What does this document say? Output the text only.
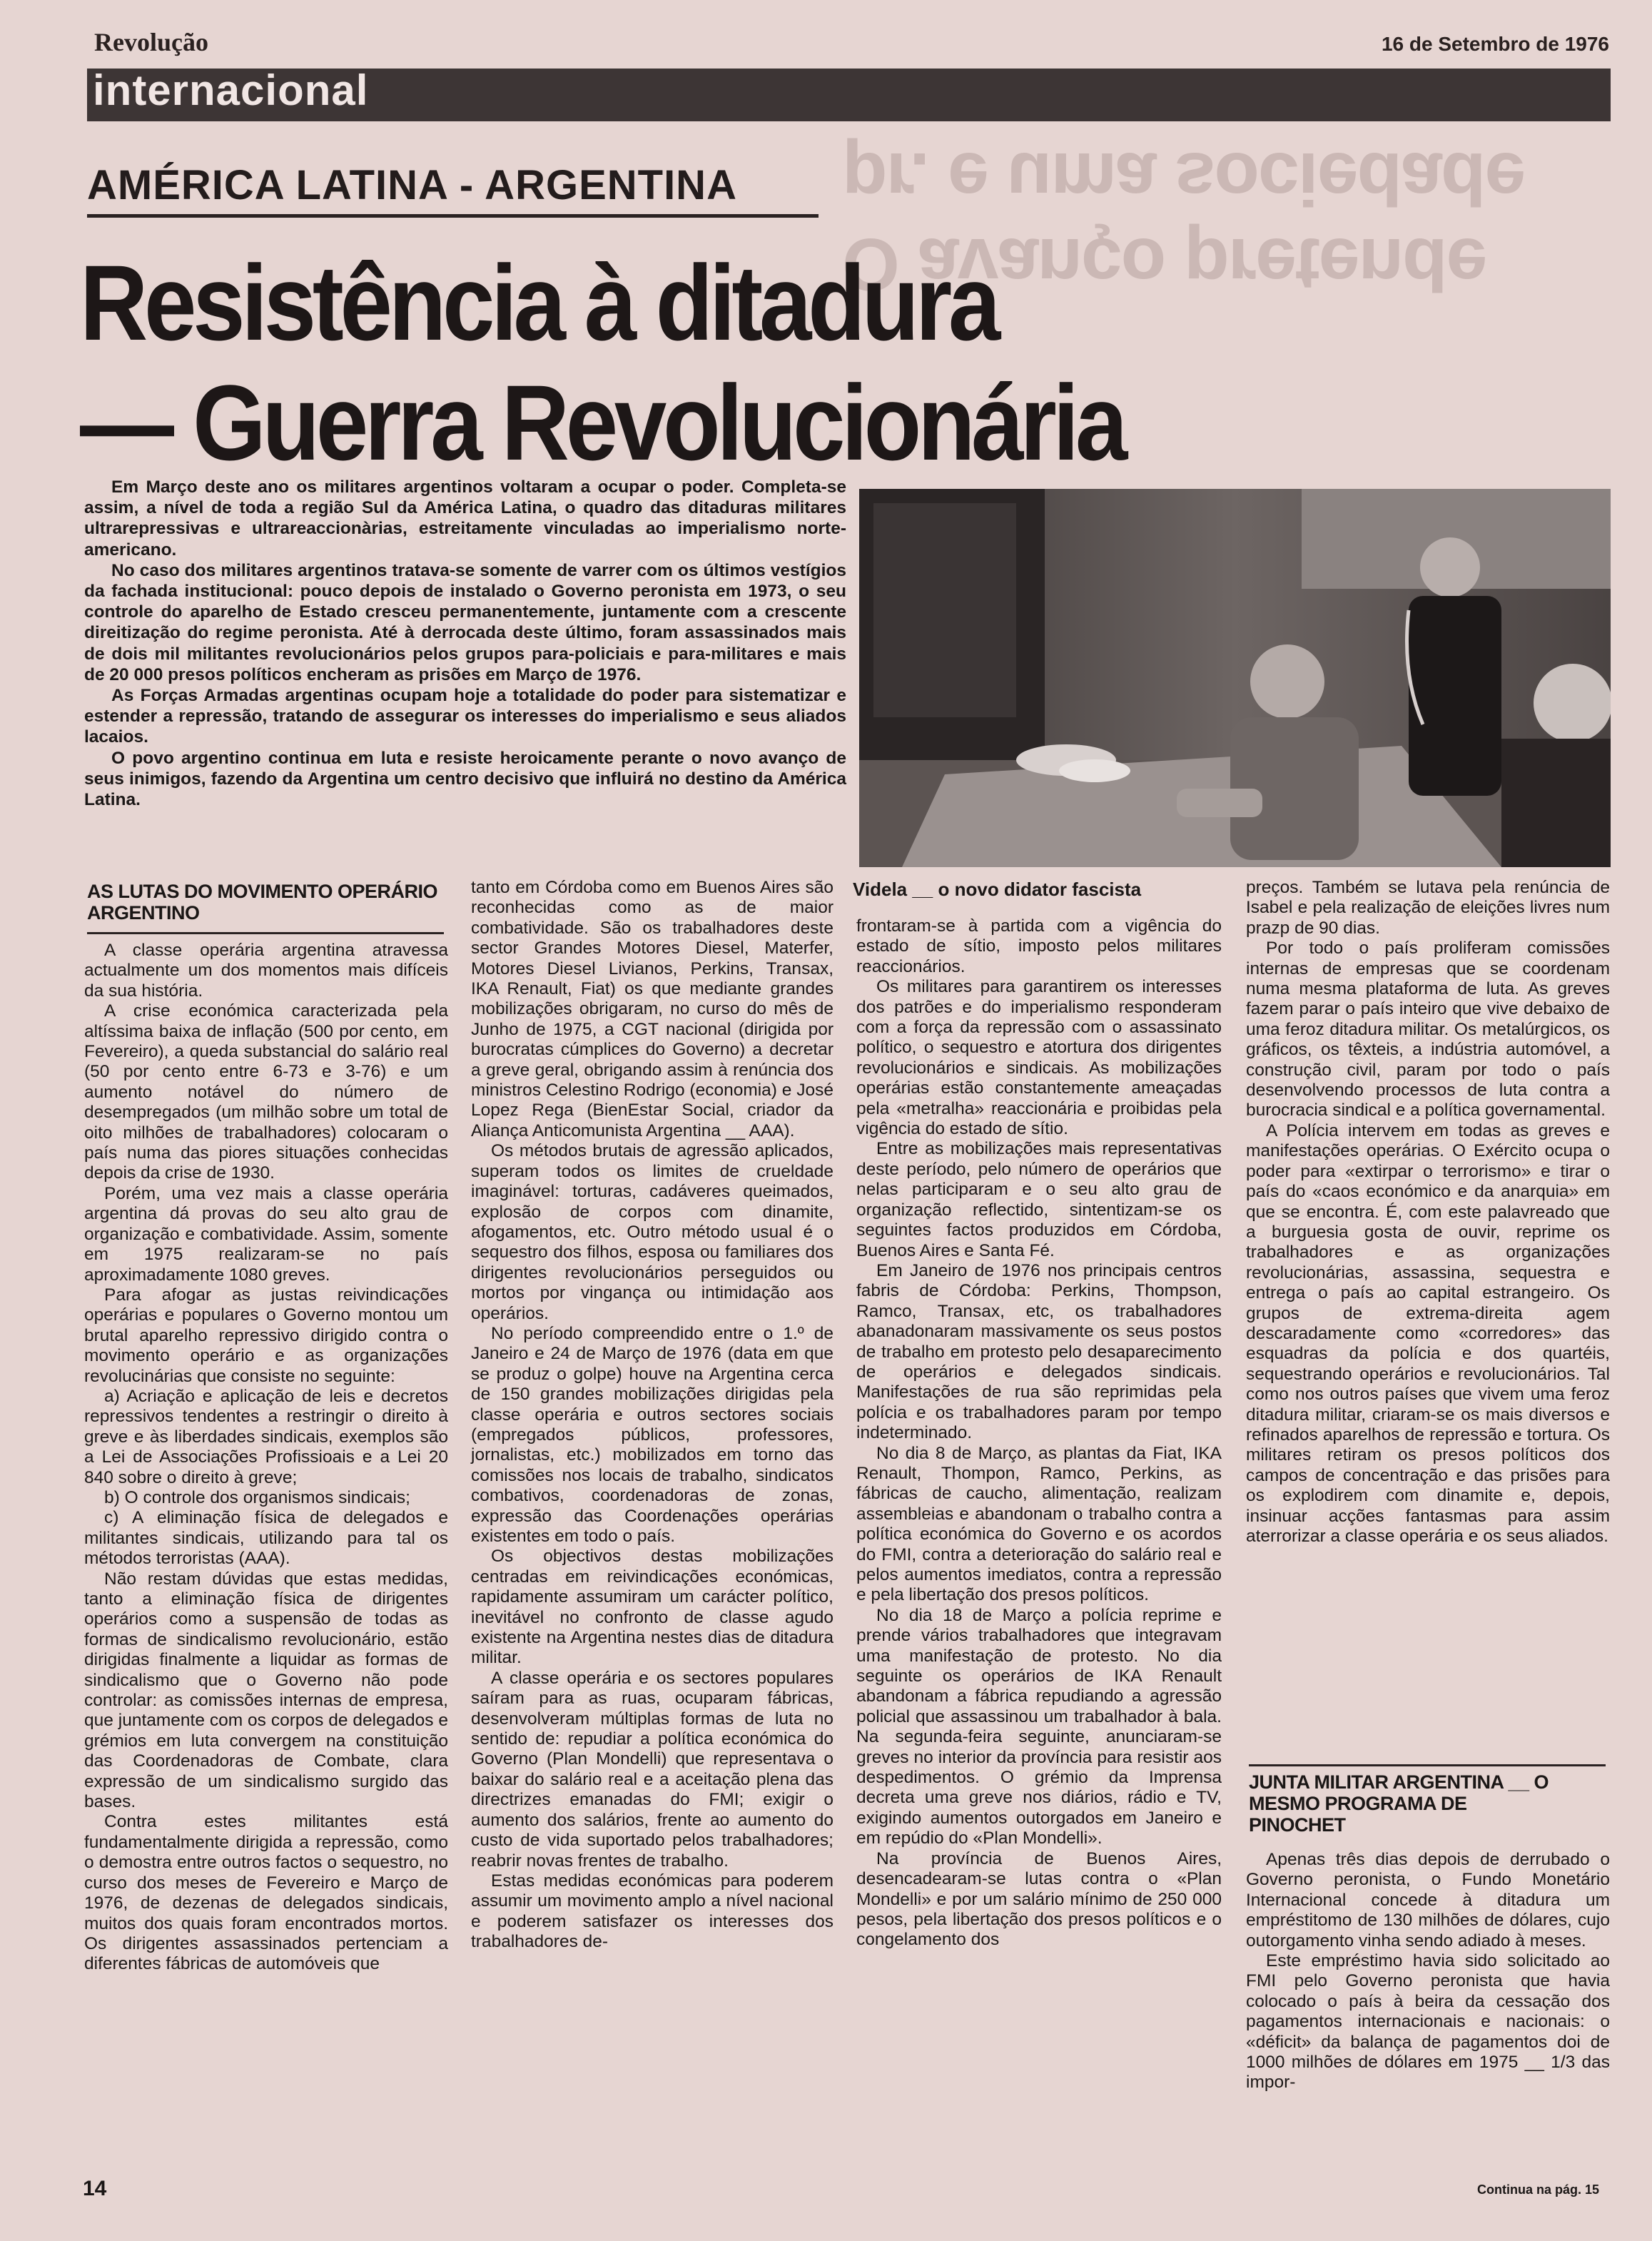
Revolução	16 de Setembro de 1976
internacional
O avanço pretende
pr. e uma sociedade
AMÉRICA LATINA - ARGENTINA
Resistência à ditadura
— Guerra Revolucionária

Em Março deste ano os militares argentinos voltaram a ocupar o poder. Completa-se assim, a nível de toda a região Sul da América Latina, o quadro das ditaduras militares ultrarepressivas e ultrareaccionàrias, estreitamente vinculadas ao imperialismo norte-americano.

No caso dos militares argentinos tratava-se somente de varrer com os últimos vestígios da fachada institucional: pouco depois de instalado o Governo peronista em 1973, o seu controle do aparelho de Estado cresceu permanentemente, juntamente com a crescente direitização do regime peronista. Até à derrocada deste último, foram assassinados mais de dois mil militantes revolucionários pelos grupos para-policiais e para-militares e mais de 20 000 presos políticos encheram as prisões em Março de 1976.

As Forças Armadas argentinas ocupam hoje a totalidade do poder para sistematizar e estender a repressão, tratando de assegurar os interesses do imperialismo e seus aliados lacaios.

O povo argentino continua em luta e resiste heroicamente perante o novo avanço de seus inimigos, fazendo da Argentina um centro decisivo que influirá no destino da América Latina.

Videla __ o novo didator fascista
AS LUTAS DO MOVIMENTO OPERÁRIO ARGENTINO

A classe operária argentina atravessa actualmente um dos momentos mais difíceis da sua história.

A crise económica caracterizada pela altíssima baixa de inflação (500 por cento, em Fevereiro), a queda substancial do salário real (50 por cento entre 6-73 e 3-76) e um aumento notável do número de desempregados (um milhão sobre um total de oito milhões de trabalhadores) colocaram o país numa das piores situações conhecidas depois da crise de 1930.

Porém, uma vez mais a classe operária argentina dá provas do seu alto grau de organização e combatividade. Assim, somente em 1975 realizaram-se no país aproximadamente 1080 greves.

Para afogar as justas reivindicações operárias e populares o Governo montou um brutal aparelho repressivo dirigido contra o movimento operário e as organizações revolucinárias que consiste no seguinte:

a) Acriação e aplicação de leis e decretos repressivos tendentes a restringir o direito à greve e às liberdades sindicais, exemplos são a Lei de Associações Profissioais e a Lei 20 840 sobre o direito à greve;

b) O controle dos organismos sindicais;

c) A eliminação física de delegados e militantes sindicais, utilizando para tal os métodos terroristas (AAA).

Não restam dúvidas que estas medidas, tanto a eliminação física de dirigentes operários como a suspensão de todas as formas de sindicalismo revolucionário, estão dirigidas finalmente a liquidar as formas de sindicalismo que o Governo não pode controlar: as comissões internas de empresa, que juntamente com os corpos de delegados e grémios em luta convergem na constituição das Coordenadoras de Combate, clara expressão de um sindicalismo surgido das bases.

Contra estes militantes está fundamentalmente dirigida a repressão, como o demostra entre outros factos o sequestro, no curso dos meses de Fevereiro e Março de 1976, de dezenas de delegados sindicais, muitos dos quais foram encontrados mortos. Os dirigentes assassinados pertenciam a diferentes fábricas de automóveis que

tanto em Córdoba como em Buenos Aires são reconhecidas como as de maior combatividade. São os trabalhadores deste sector Grandes Motores Diesel, Materfer, Motores Diesel Livianos, Perkins, Transax, IKA Renault, Fiat) os que mediante grandes mobilizações obrigaram, no curso do mês de Junho de 1975, a CGT nacional (dirigida por burocratas cúmplices do Governo) a decretar a greve geral, obrigando assim à renúncia dos ministros Celestino Rodrigo (economia) e José Lopez Rega (BienEstar Social, criador da Aliança Anticomunista Argentina __ AAA).

Os métodos brutais de agressão aplicados, superam todos os limites de crueldade imaginável: torturas, cadáveres queimados, explosão de corpos com dinamite, afogamentos, etc. Outro método usual é o sequestro dos filhos, esposa ou familiares dos dirigentes revolucionários perseguidos ou mortos por vingança ou intimidação aos operários.

No período compreendido entre o 1.º de Janeiro e 24 de Março de 1976 (data em que se produz o golpe) houve na Argentina cerca de 150 grandes mobilizações dirigidas pela classe operária e outros sectores sociais (empregados públicos, professores, jornalistas, etc.) mobilizados em torno das comissões nos locais de trabalho, sindicatos combativos, coordenadoras de zonas, expressão das Coordenações operárias existentes em todo o país.

Os objectivos destas mobilizações centradas em reivindicações económicas, rapidamente assumiram um carácter político, inevitável no confronto de classe agudo existente na Argentina nestes dias de ditadura militar.

A classe operária e os sectores populares saíram para as ruas, ocuparam fábricas, desenvolveram múltiplas formas de luta no sentido de: repudiar a política económica do Governo (Plan Mondelli) que representava o baixar do salário real e a aceitação plena das directrizes emanadas do FMI; exigir o aumento dos salários, frente ao aumento do custo de vida suportado pelos trabalhadores; reabrir novas frentes de trabalho.

Estas medidas económicas para poderem assumir um movimento amplo a nível nacional e poderem satisfazer os interesses dos trabalhadores de-

frontaram-se à partida com a vigência do estado de sítio, imposto pelos militares reaccionários.

Os militares para garantirem os interesses dos patrões e do imperialismo responderam com a força da repressão com o assassinato político, o sequestro e atortura dos dirigentes revolucionários e sindicais. As mobilizações operárias estão constantemente ameaçadas pela «metralha» reaccionária e proibidas pela vigência do estado de sítio.

Entre as mobilizações mais representativas deste período, pelo número de operários que nelas participaram e o seu alto grau de organização reflectido, sintentizam-se os seguintes factos produzidos em Córdoba, Buenos Aires e Santa Fé.

Em Janeiro de 1976 nos principais centros fabris de Córdoba: Perkins, Thompson, Ramco, Transax, etc, os trabalhadores abanadonaram massivamente os seus postos de trabalho em protesto pelo desaparecimento de operários e delegados sindicais. Manifestações de rua são reprimidas pela polícia e os trabalhadores param por tempo indeterminado.

No dia 8 de Março, as plantas da Fiat, IKA Renault, Thompon, Ramco, Perkins, as fábricas de caucho, alimentação, realizam assembleias e abandonam o trabalho contra a política económica do Governo e os acordos do FMI, contra a deterioração do salário real e pelos aumentos imediatos, contra a repressão e pela libertação dos presos políticos.

No dia 18 de Março a polícia reprime e prende vários trabalhadores que integravam uma manifestação de protesto. No dia seguinte os operários de IKA Renault abandonam a fábrica repudiando a agressão policial que assassinou um trabalhador à bala. Na segunda-feira seguinte, anunciaram-se greves no interior da província para resistir aos despedimentos. O grémio da Imprensa decreta uma greve nos diários, rádio e TV, exigindo aumentos outorgados em Janeiro e em repúdio do «Plan Mondelli».

Na província de Buenos Aires, desencadearam-se lutas contra o «Plan Mondelli» e por um salário mínimo de 250 000 pesos, pela libertação dos presos políticos e o congelamento dos

preços. Também se lutava pela renúncia de Isabel e pela realização de eleições livres num prazp de 90 dias.

Por todo o país proliferam comissões internas de empresas que se coordenam numa mesma plataforma de luta. As greves fazem parar o país inteiro que vive debaixo de uma feroz ditadura militar. Os metalúrgicos, os gráficos, os têxteis, a indústria automóvel, a construção civil, param por todo o país desenvolvendo processos de luta contra a burocracia sindical e a política governamental.

A Polícia intervem em todas as greves e manifestações operárias. O Exército ocupa o poder para «extirpar o terrorismo» e tirar o país do «caos económico e da anarquia» em que se encontra. É, com este palavreado que a burguesia gosta de ouvir, reprime os trabalhadores e as organizações revolucionárias, assassina, sequestra e entrega o país ao capital estrangeiro. Os grupos de extrema-direita agem descaradamente como «corredores» das esquadras da polícia e dos quartéis, sequestrando operários e revolucionários. Tal como nos outros países que vivem uma feroz ditadura militar, criaram-se os mais diversos e refinados aparelhos de repressão e tortura. Os militares retiram os presos políticos dos campos de concentração e das prisões para os explodirem com dinamite e, depois, insinuar acções fantasmas para assim aterrorizar a classe operária e os seus aliados.

JUNTA MILITAR ARGENTINA __ O MESMO PROGRAMA DE PINOCHET

Apenas três dias depois de derrubado o Governo peronista, o Fundo Monetário Internacional concede à ditadura um empréstitomo de 130 milhões de dólares, cujo outorgamento vinha sendo adiado à meses.

Este empréstimo havia sido solicitado ao FMI pelo Governo peronista que havia colocado o país à beira da cessação dos pagamentos internacionais e nacionais: o «déficit» da balança de pagamentos doi de 1000 milhões de dólares em 1975 __ 1/3 das impor-

14	Continua na pág. 15
